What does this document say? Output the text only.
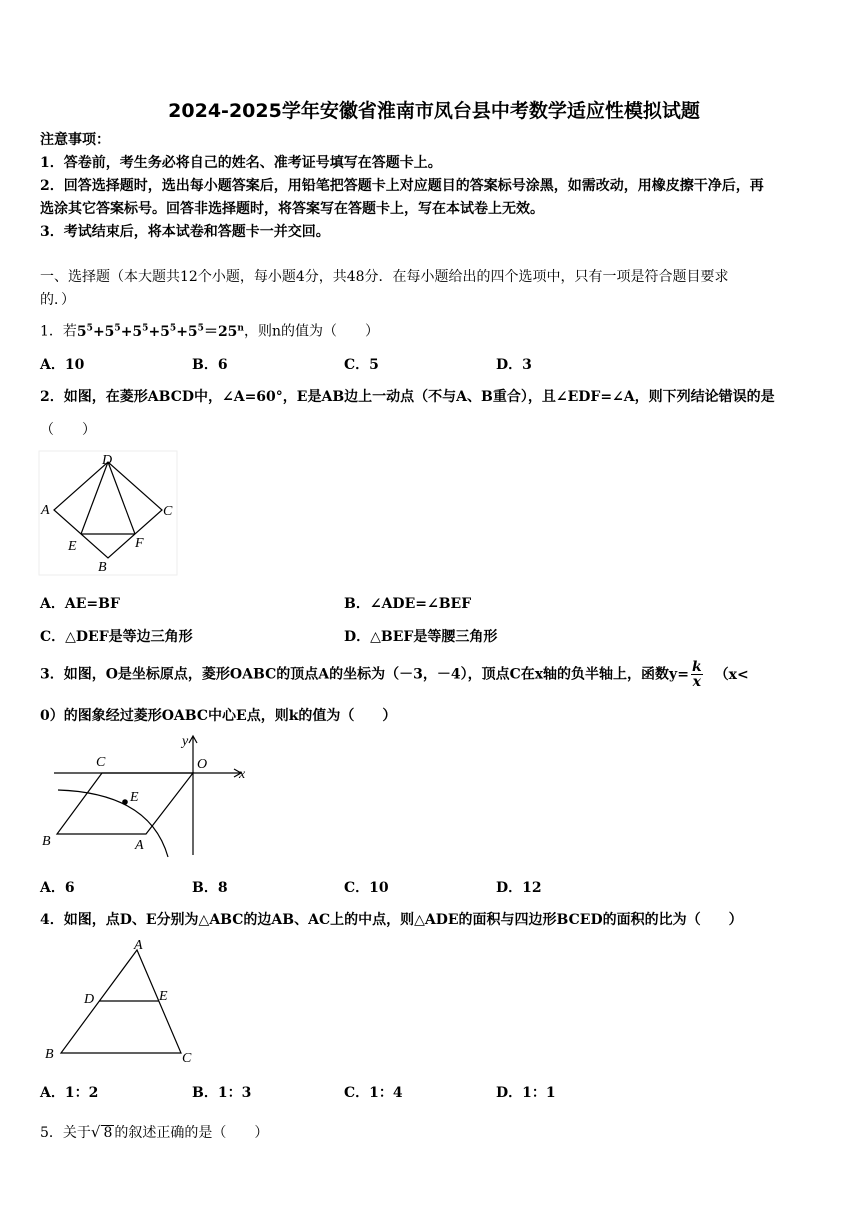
2024-2025学年安徽省淮南市凤台县中考数学适应性模拟试题
注意事项：
1．答卷前，考生务必将自己的姓名、准考证号填写在答题卡上。
2．回答选择题时，选出每小题答案后，用铅笔把答题卡上对应题目的答案标号涂黑，如需改动，用橡皮擦干净后，再
选涂其它答案标号。回答非选择题时，将答案写在答题卡上，写在本试卷上无效。
3．考试结束后，将本试卷和答题卡一并交回。
一、选择题（本大题共12个小题，每小题4分，共48分．在每小题给出的四个选项中，只有一项是符合题目要求
的．）
1．若$5^5+5^5+5^5+5^5+5^5=25^n$，则n的值为（　　）
A．10	B．6	C．5	D．3
2．如图，在菱形ABCD中，∠A=60°，E是AB边上一动点（不与A、B重合），且∠EDF=∠A，则下列结论错误的是
（　　）
D
A	C
E	F
B
A．AE=BF	B．∠ADE=∠BEF
C．△DEF是等边三角形	D．△BEF是等腰三角形
3．如图，O是坐标原点，菱形OABC的顶点A的坐标为（－3，－4），顶点C在x轴的负半轴上，函数$y= \frac{k}{x} (x<$
0）的图象经过菱形OABC中心E点，则k的值为（　　）
C	O
x
y
E
B	A
A．6	B．8	C．10	D．12
4．如图，点D、E分别为△ABC的边AB、AC上的中点，则△ADE的面积与四边形BCED的面积的比为（　　）
A
D	E
B	C
A．1：2	B．1：3	C．1：4	D．1：1
5．关于√ 8 的叙述正确的是（　　）
